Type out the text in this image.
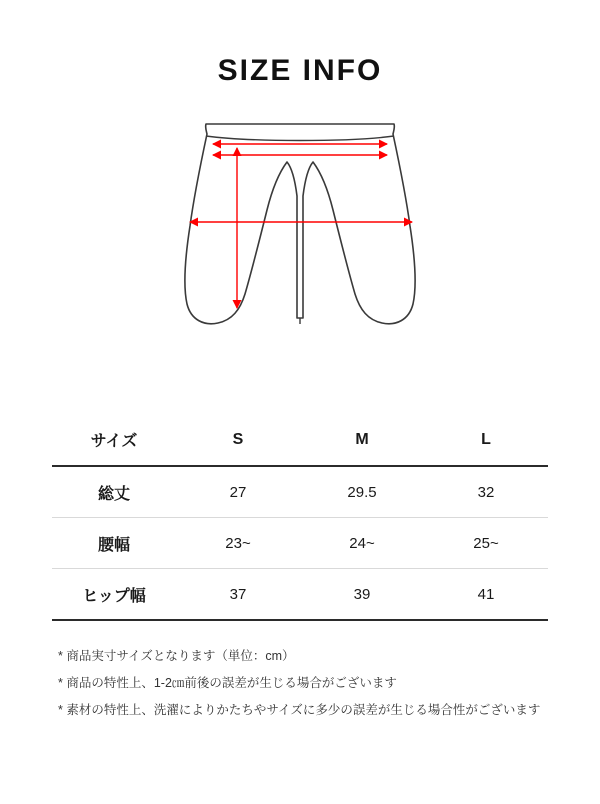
SIZE INFO
サイズ	S	M	L
総丈	27	29.5	32
腰幅	23~	24~	25~
ヒップ幅	37	39	41
* 商品実寸サイズとなります（単位：cm）
* 商品の特性上、1-2㎝前後の誤差が生じる場合がございます
* 素材の特性上、洗濯によりかたちやサイズに多少の誤差が生じる場合性がございます
